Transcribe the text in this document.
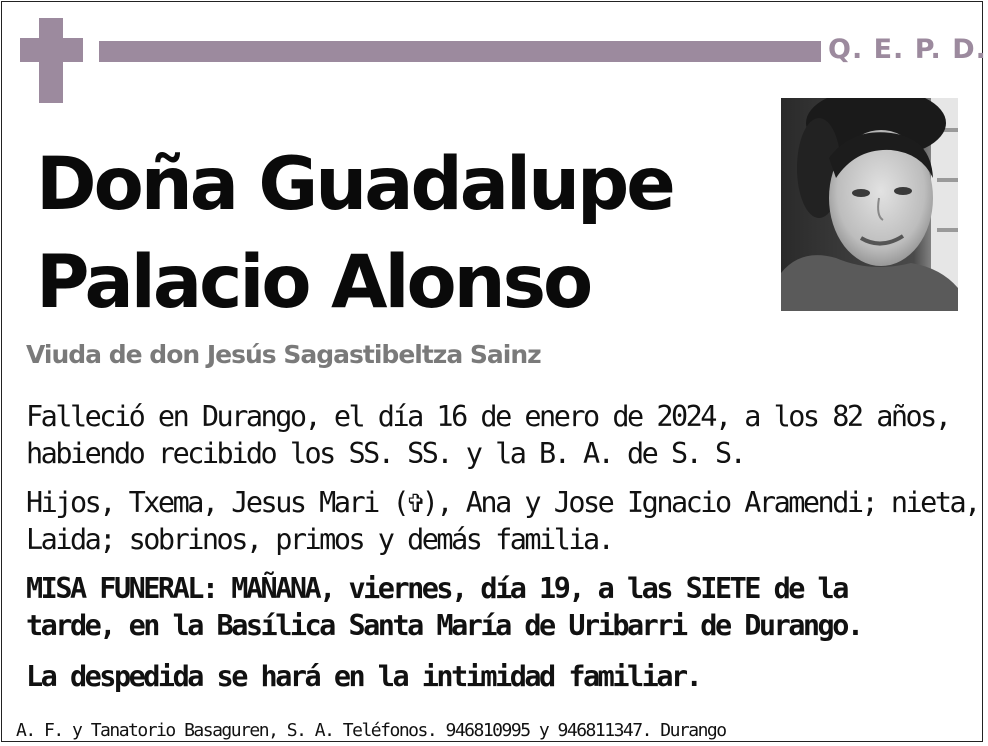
Q. E. P. D.
Doña Guadalupe
Palacio Alonso
Viuda de don Jesús Sagastibeltza Sainz

Falleció en Durango, el día 16 de enero de 2024, a los 82 años,
habiendo recibido los SS. SS. y la B. A. de S. S.

Hijos, Txema, Jesus Mari (✞), Ana y Jose Ignacio Aramendi; nieta,
Laida; sobrinos, primos y demás familia.

MISA FUNERAL: MAÑANA, viernes, día 19, a las SIETE de la
tarde, en la Basílica Santa María de Uribarri de Durango.

La despedida se hará en la intimidad familiar.

A. F. y Tanatorio Basaguren, S. A. Teléfonos. 946810995 y 946811347. Durango
